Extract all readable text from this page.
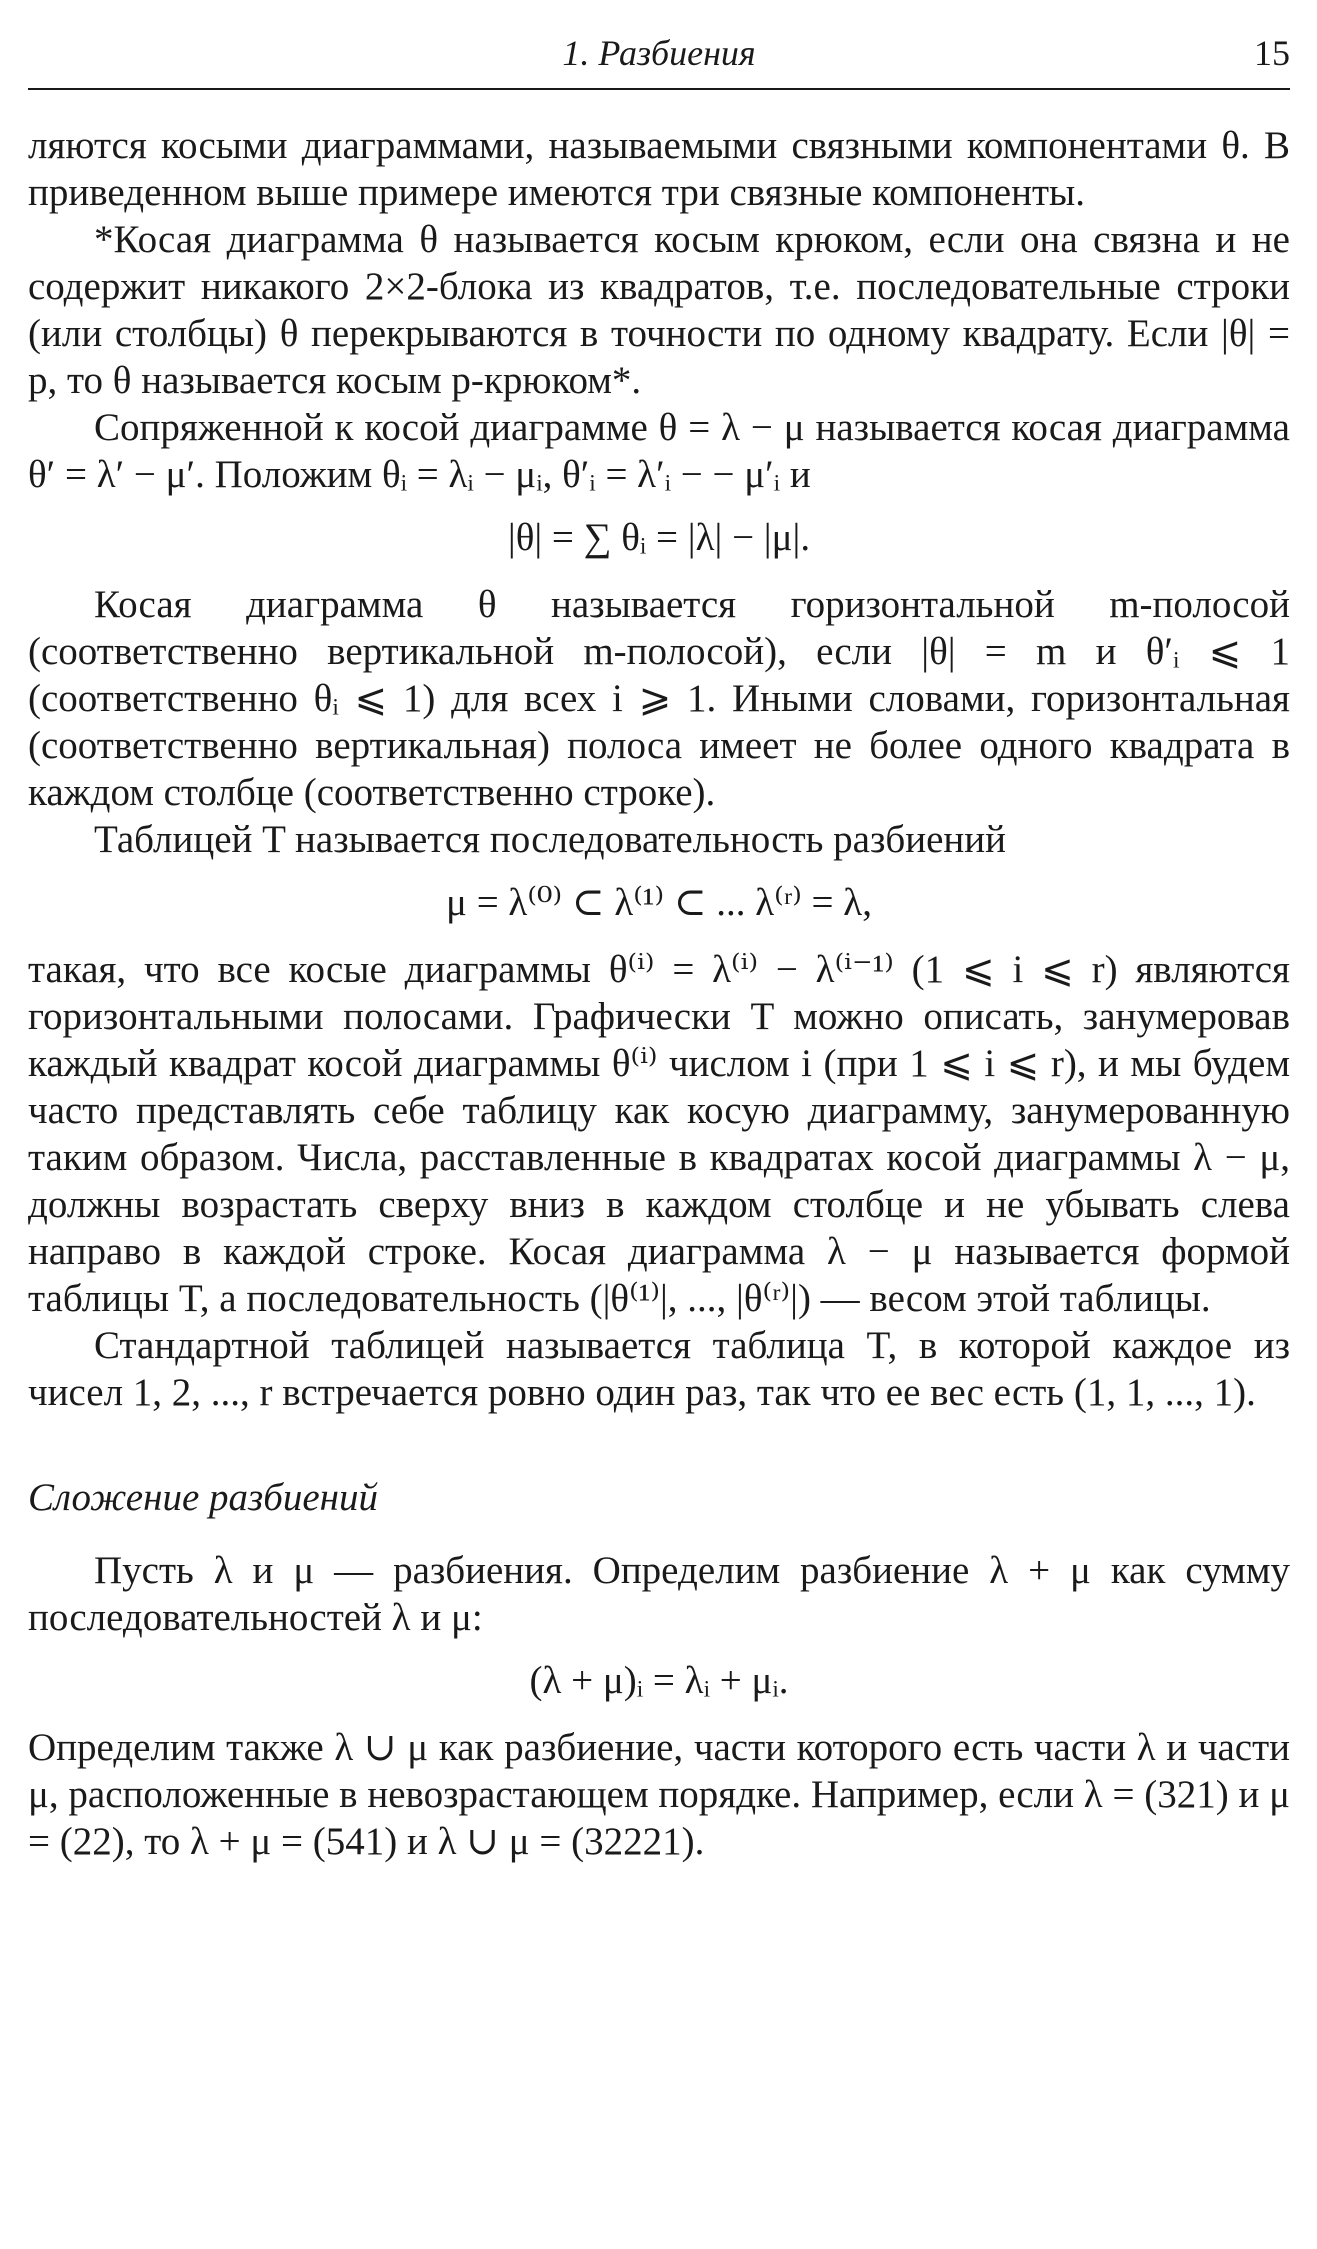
1. Разбиения	15

ляются косыми диаграммами, называемыми связными компонентами θ. В приведенном выше примере имеются три связные компоненты.

*Косая диаграмма θ называется косым крюком, если она связна и не содержит никакого 2×2-блока из квадратов, т.е. последовательные строки (или столбцы) θ перекрываются в точности по одному квадрату. Если |θ| = p, то θ называется косым p-крюком*.

Сопряженной к косой диаграмме θ = λ − μ называется косая диаграмма θ′ = λ′ − μ′. Положим θᵢ = λᵢ − μᵢ, θ′ᵢ = λ′ᵢ − − μ′ᵢ и

|θ| = ∑ θᵢ = |λ| − |μ|.

Косая диаграмма θ называется горизонтальной m-полосой (соответственно вертикальной m-полосой), если |θ| = m и θ′ᵢ ⩽ 1 (соответственно θᵢ ⩽ 1) для всех i ⩾ 1. Иными словами, горизонтальная (соответственно вертикальная) полоса имеет не более одного квадрата в каждом столбце (соответственно строке).

Таблицей T называется последовательность разбиений

μ = λ⁽⁰⁾ ⊂ λ⁽¹⁾ ⊂ ... λ⁽ʳ⁾ = λ,

такая, что все косые диаграммы θ⁽ⁱ⁾ = λ⁽ⁱ⁾ − λ⁽ⁱ⁻¹⁾ (1 ⩽ i ⩽ r) являются горизонтальными полосами. Графически T можно описать, занумеровав каждый квадрат косой диаграммы θ⁽ⁱ⁾ числом i (при 1 ⩽ i ⩽ r), и мы будем часто представлять себе таблицу как косую диаграмму, занумерованную таким образом. Числа, расставленные в квадратах косой диаграммы λ − μ, должны возрастать сверху вниз в каждом столбце и не убывать слева направо в каждой строке. Косая диаграмма λ − μ называется формой таблицы T, а последовательность (|θ⁽¹⁾|, ..., |θ⁽ʳ⁾|) — весом этой таблицы.

Стандартной таблицей называется таблица T, в которой каждое из чисел 1, 2, ..., r встречается ровно один раз, так что ее вес есть (1, 1, ..., 1).

Сложение разбиений

Пусть λ и μ — разбиения. Определим разбиение λ + μ как сумму последовательностей λ и μ:

(λ + μ)ᵢ = λᵢ + μᵢ.

Определим также λ ∪ μ как разбиение, части которого есть части λ и части μ, расположенные в невозрастающем порядке. Например, если λ = (321) и μ = (22), то λ + μ = (541) и λ ∪ μ = (32221).
